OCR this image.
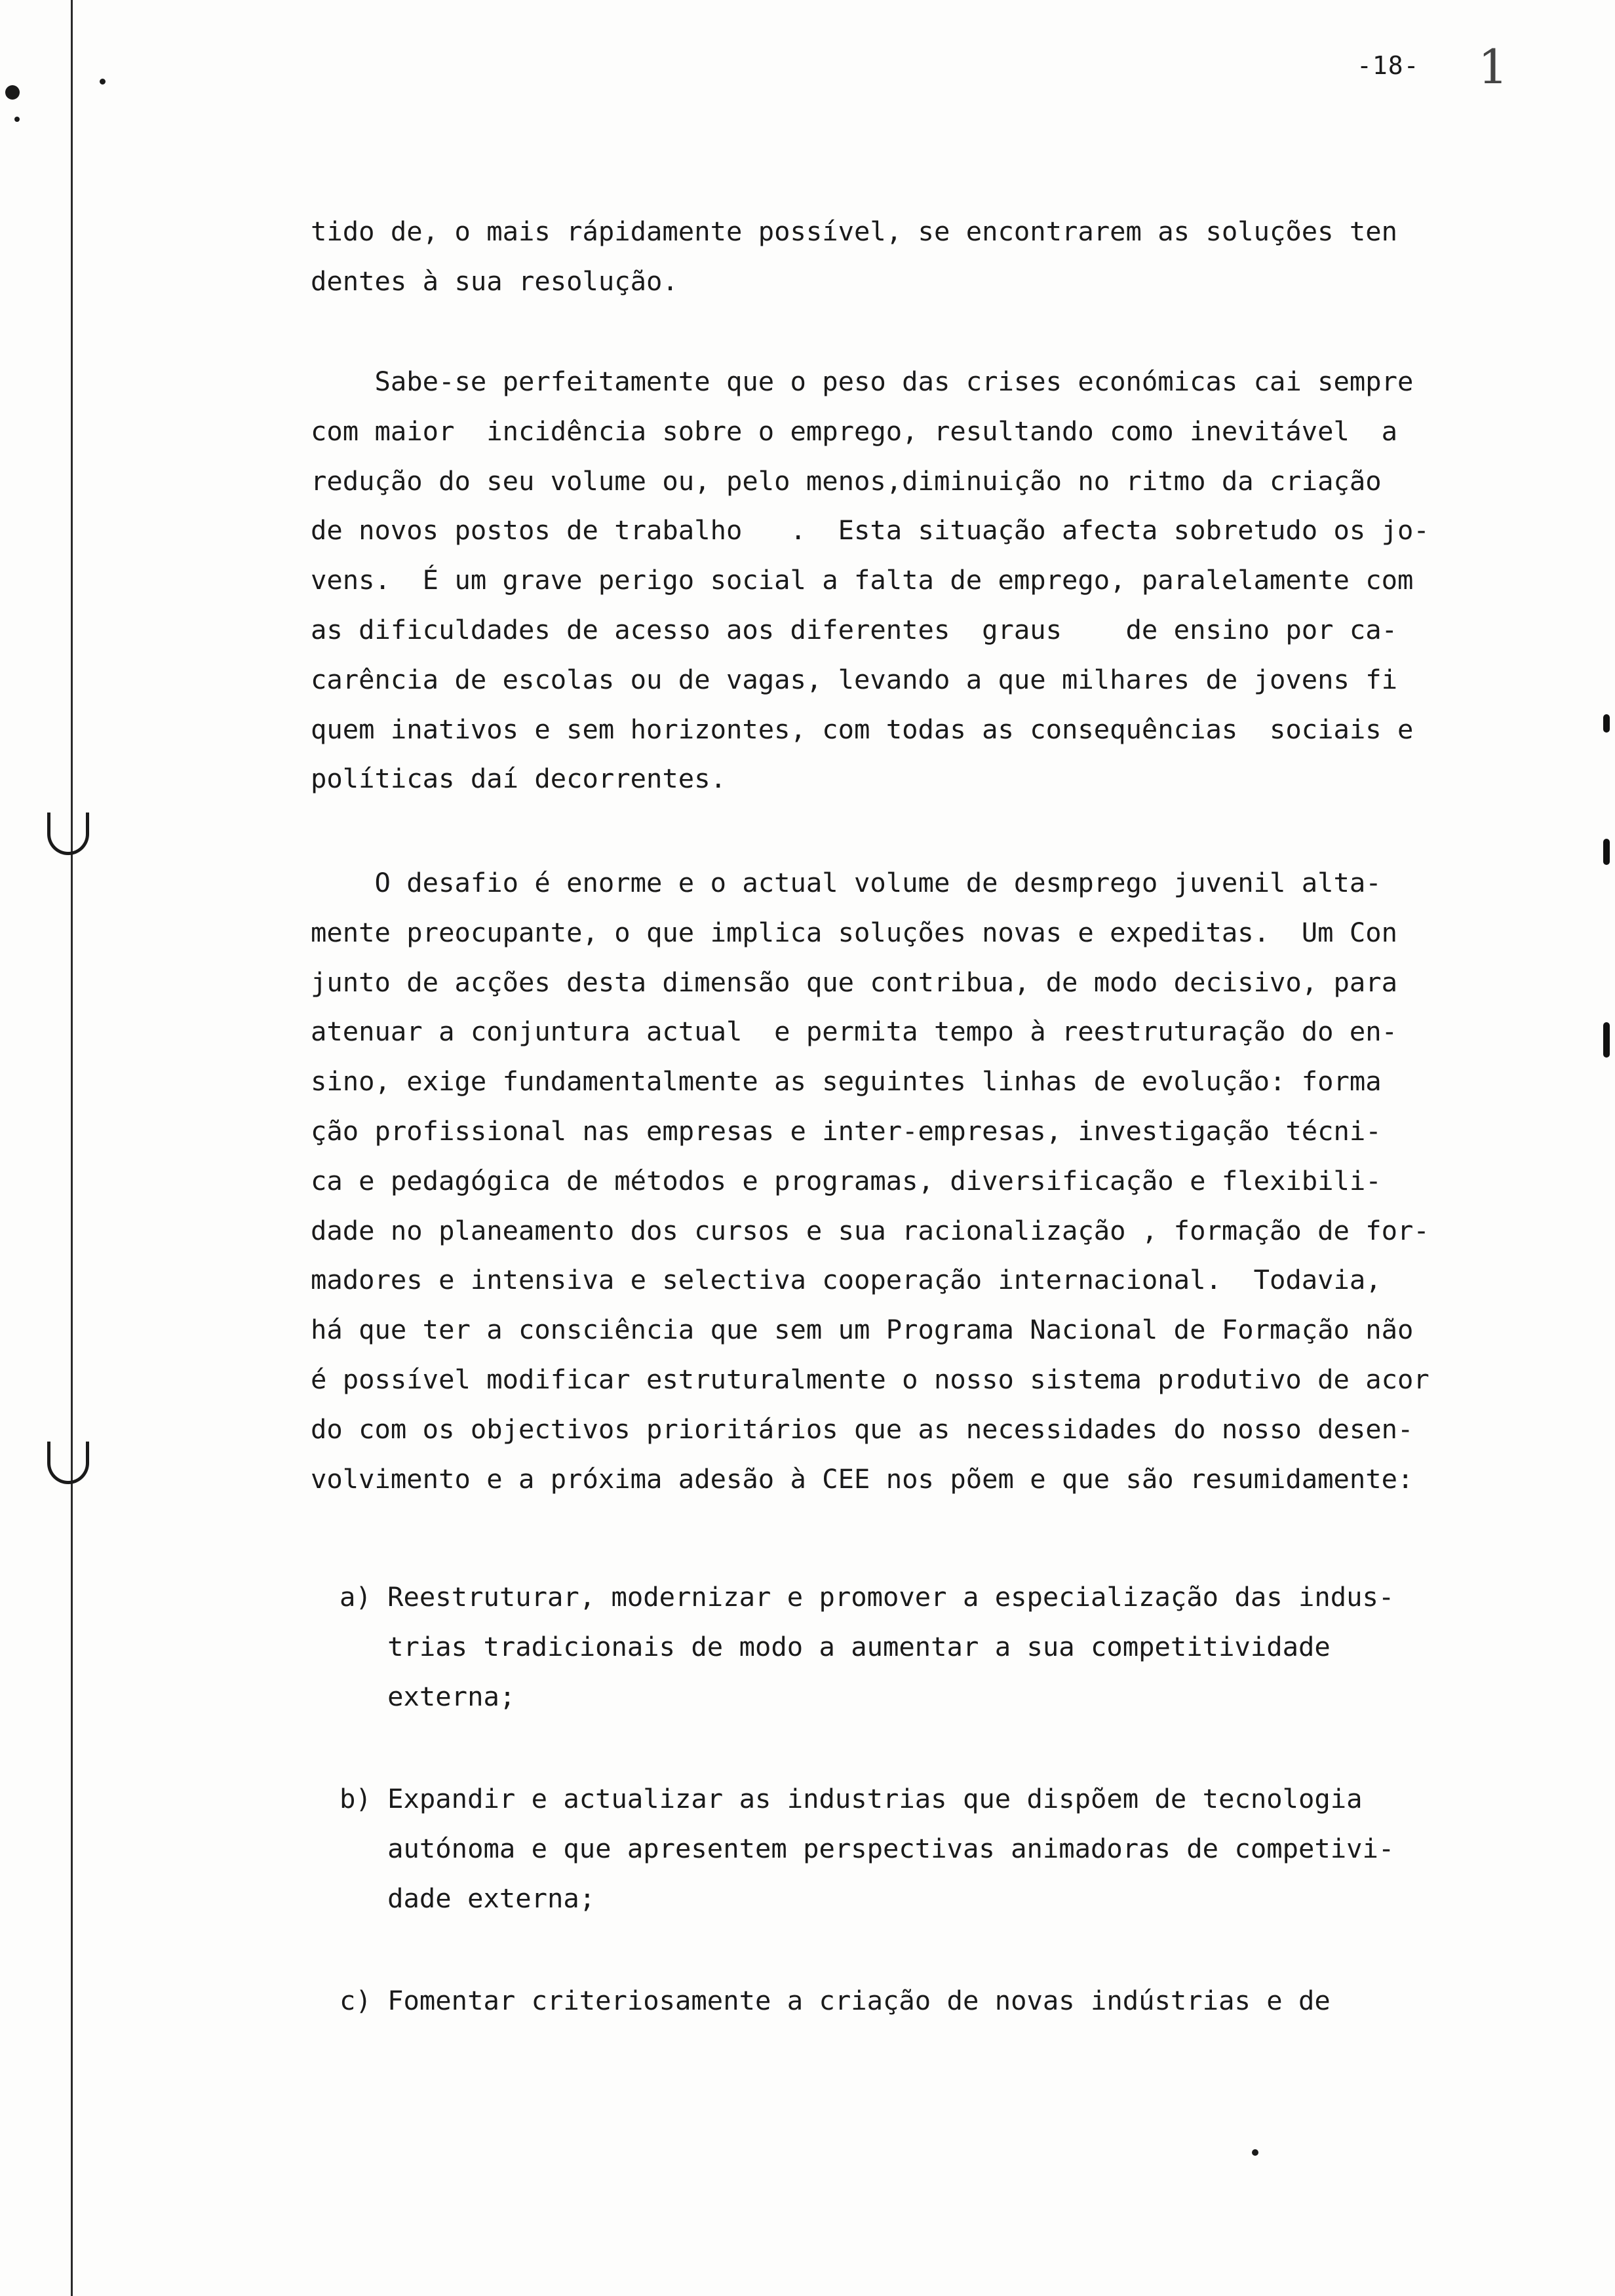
-18- 1
tido de, o mais rápidamente possível, se encontrarem as soluções ten
dentes à sua resolução.
Sabe-se perfeitamente que o peso das crises económicas cai sempre
com maior  incidência sobre o emprego, resultando como inevitável  a
redução do seu volume ou, pelo menos,diminuição no ritmo da criação
de novos postos de trabalho   .  Esta situação afecta sobretudo os jo-
vens.  É um grave perigo social a falta de emprego, paralelamente com
as dificuldades de acesso aos diferentes  graus    de ensino por ca-
carência de escolas ou de vagas, levando a que milhares de jovens fi
quem inativos e sem horizontes, com todas as consequências  sociais e
políticas daí decorrentes.
O desafio é enorme e o actual volume de desmprego juvenil alta-
mente preocupante, o que implica soluções novas e expeditas.  Um Con
junto de acções desta dimensão que contribua, de modo decisivo, para
atenuar a conjuntura actual  e permita tempo à reestruturação do en-
sino, exige fundamentalmente as seguintes linhas de evolução: forma
ção profissional nas empresas e inter-empresas, investigação técni-
ca e pedagógica de métodos e programas, diversificação e flexibili-
dade no planeamento dos cursos e sua racionalização , formação de for-
madores e intensiva e selectiva cooperação internacional.  Todavia,
há que ter a consciência que sem um Programa Nacional de Formação não
é possível modificar estruturalmente o nosso sistema produtivo de acor
do com os objectivos prioritários que as necessidades do nosso desen-
volvimento e a próxima adesão à CEE nos põem e que são resumidamente:
a) Reestruturar, modernizar e promover a especialização das indus-
trias tradicionais de modo a aumentar a sua competitividade
externa;
b) Expandir e actualizar as industrias que dispõem de tecnologia
autónoma e que apresentem perspectivas animadoras de competivi-
dade externa;
c) Fomentar criteriosamente a criação de novas indústrias e de
